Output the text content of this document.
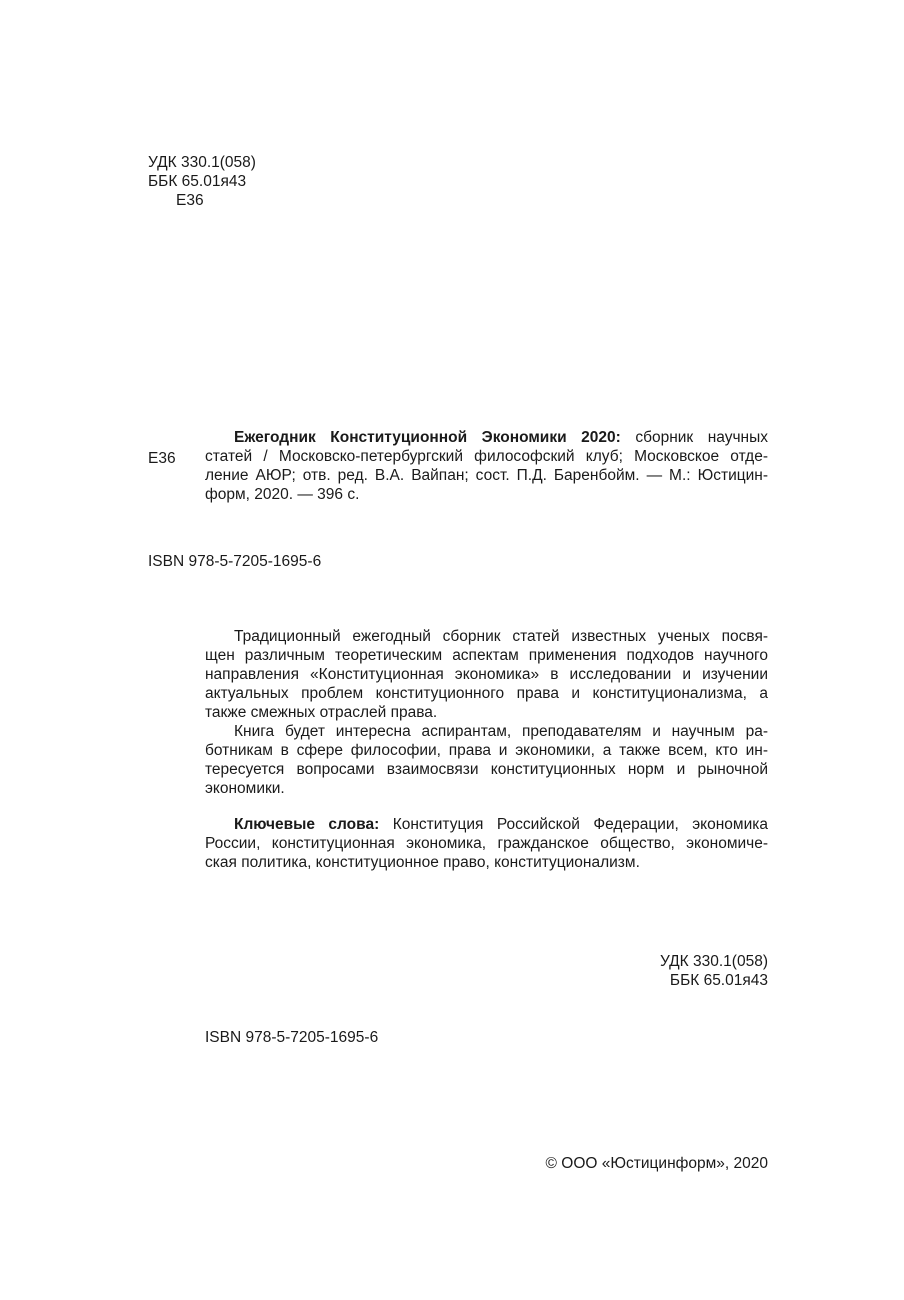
УДК 330.1(058)
ББК 65.01я43
Е36
Е36
Ежегодник Конституционной Экономики 2020: сборник научных
статей / Московско-петербургский философский клуб; Московское отде-
ление АЮР; отв. ред. В.А. Вайпан; сост. П.Д. Баренбойм. — М.: Юстицин-
форм, 2020. — 396 с.
ISBN 978-5-7205-1695-6
Традиционный ежегодный сборник статей известных ученых посвя-
щен различным теоретическим аспектам применения подходов научного
направления «Конституционная экономика» в исследовании и изучении
актуальных проблем конституционного права и конституционализма, а
также смежных отраслей права.
Книга будет интересна аспирантам, преподавателям и научным ра-
ботникам в сфере философии, права и экономики, а также всем, кто ин-
тересуется вопросами взаимосвязи конституционных норм и рыночной
экономики.
Ключевые слова: Конституция Российской Федерации, экономика
России, конституционная экономика, гражданское общество, экономиче-
ская политика, конституционное право, конституционализм.
УДК 330.1(058)
ББК 65.01я43
ISBN 978-5-7205-1695-6
© ООО «Юстицинформ», 2020
